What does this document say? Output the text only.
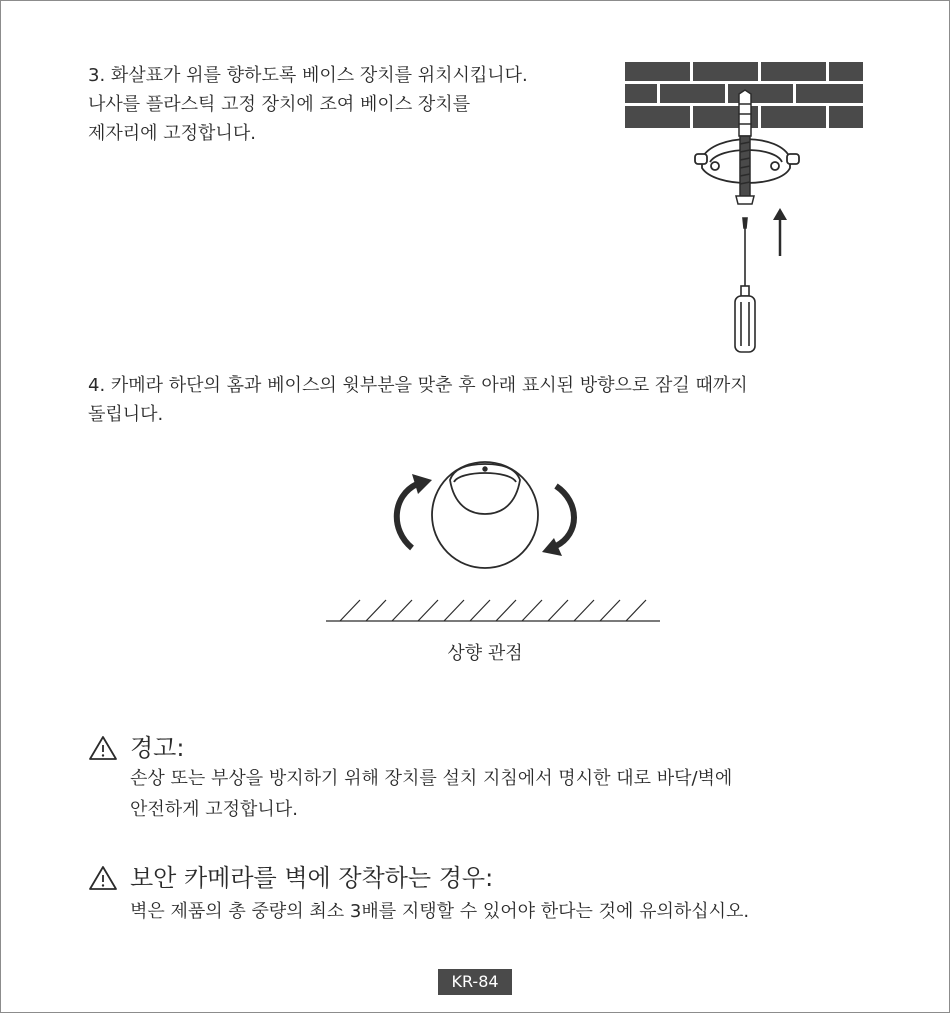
3. 화살표가 위를 향하도록 베이스 장치를 위치시킵니다.
나사를 플라스틱 고정 장치에 조여 베이스 장치를
제자리에 고정합니다.

4. 카메라 하단의 홈과 베이스의 윗부분을 맞춘 후 아래 표시된 방향으로 잠길 때까지
돌립니다.

상향 관점
경고:

손상 또는 부상을 방지하기 위해 장치를 설치 지침에서 명시한 대로 바닥/벽에
안전하게 고정합니다.

보안 카메라를 벽에 장착하는 경우:

벽은 제품의 총 중량의 최소 3배를 지탱할 수 있어야 한다는 것에 유의하십시오.

KR-84
